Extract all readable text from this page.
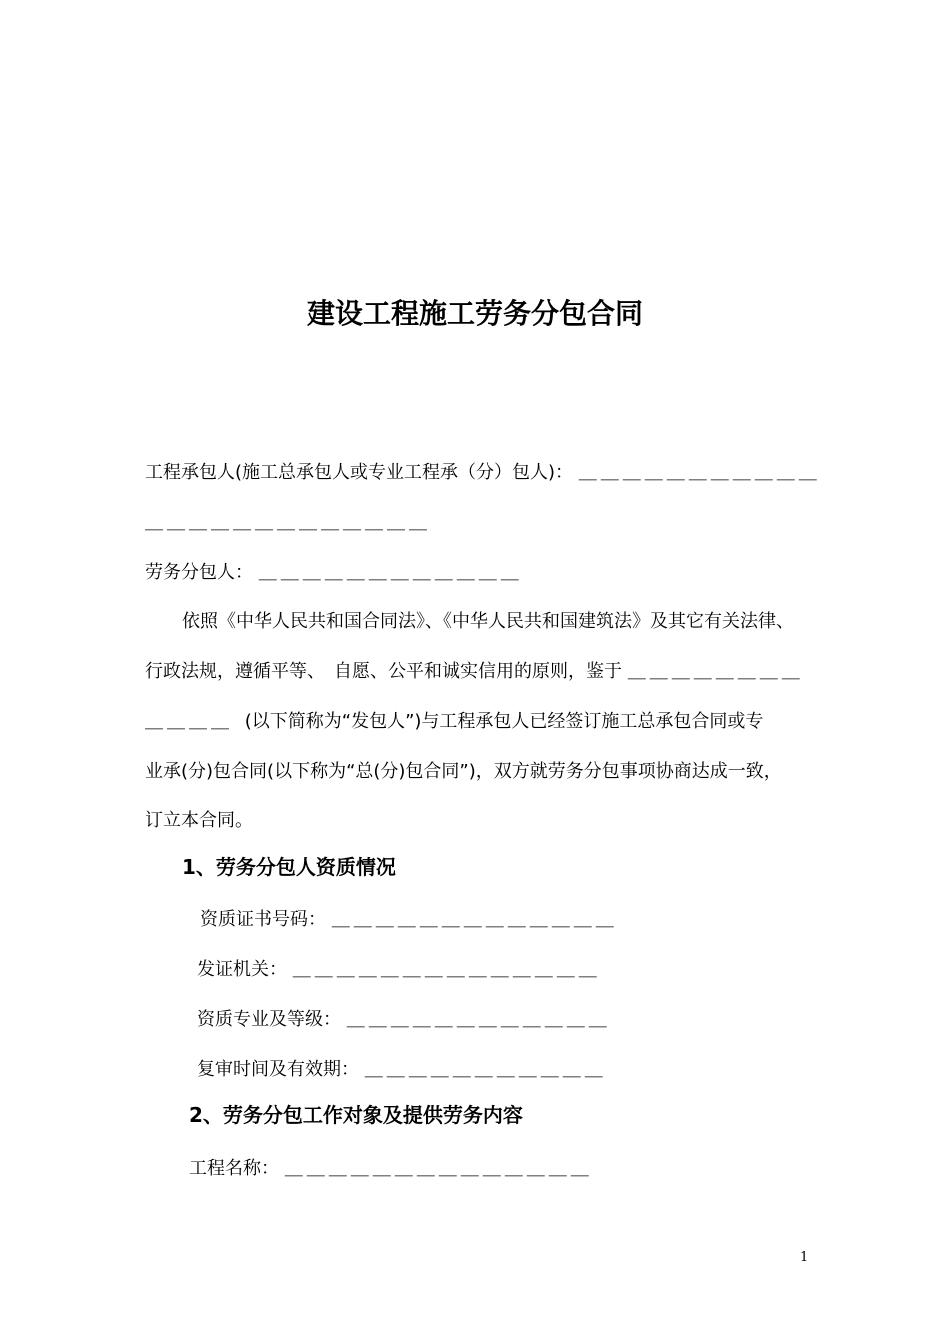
建设工程施工劳务分包合同
工程承包人(施工总承包人或专业工程承（分）包人)： ＿＿＿＿＿＿＿＿＿＿＿
＿＿＿＿＿＿＿＿＿＿＿＿＿
劳务分包人： ＿＿＿＿＿＿＿＿＿＿＿＿
依照《中华人民共和国合同法》、《中华人民共和国建筑法》及其它有关法律、
行政法规，遵循平等、　自愿、公平和诚实信用的原则，鉴于 ＿＿＿＿＿＿＿＿
＿＿＿＿ (以下简称为“发包人”)与工程承包人已经签订施工总承包合同或专
业承(分)包合同(以下称为“总(分)包合同”)，双方就劳务分包事项协商达成一致，
订立本合同。
1、劳务分包人资质情况
资质证书号码： ＿＿＿＿＿＿＿＿＿＿＿＿＿
发证机关： ＿＿＿＿＿＿＿＿＿＿＿＿＿＿
资质专业及等级： ＿＿＿＿＿＿＿＿＿＿＿＿
复审时间及有效期： ＿＿＿＿＿＿＿＿＿＿＿
2、劳务分包工作对象及提供劳务内容
工程名称： ＿＿＿＿＿＿＿＿＿＿＿＿＿＿
1
